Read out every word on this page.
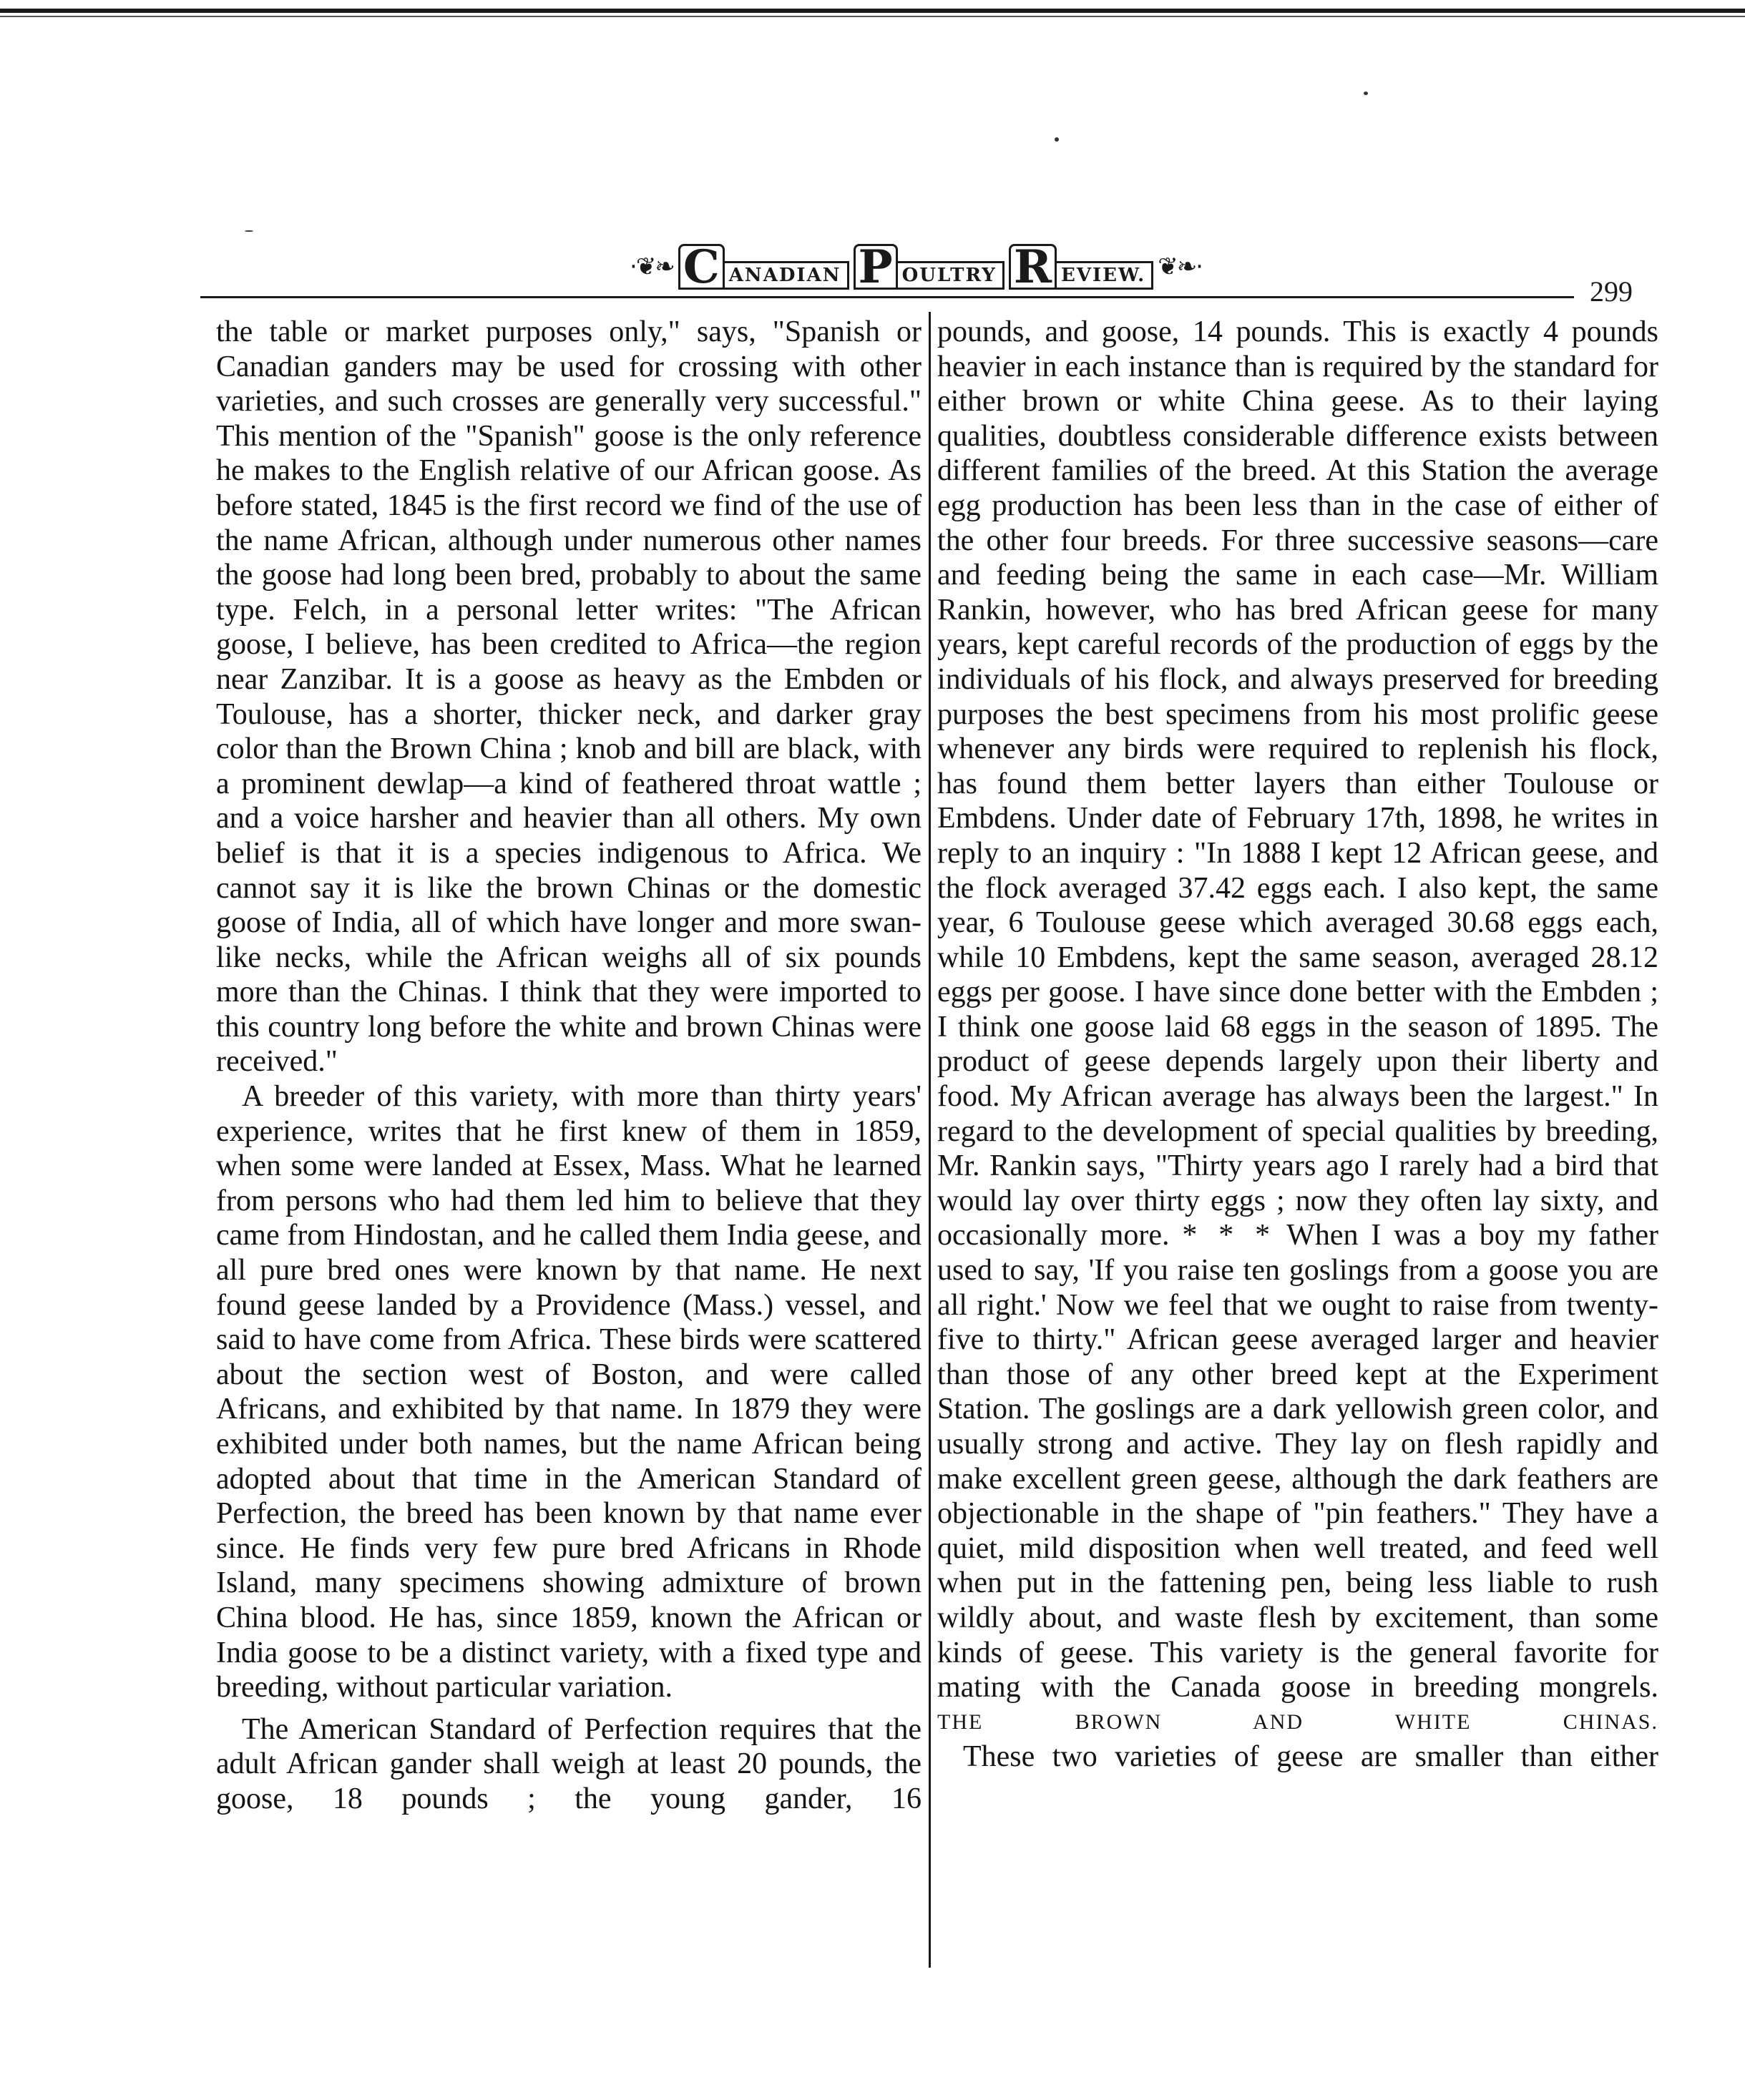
·❦❧ C ANADIAN P OULTRY R EVIEW. ❦❧·
299

the table or market purposes only," says, "Spanish or Canadian ganders may be used for crossing with other varieties, and such crosses are generally very successful." This mention of the "Spanish" goose is the only reference he makes to the English relative of our African goose. As before stated, 1845 is the first record we find of the use of the name African, although under numerous other names the goose had long been bred, probably to about the same type. Felch, in a personal letter writes: "The African goose, I believe, has been credited to Africa—the region near Zanzibar. It is a goose as heavy as the Embden or Toulouse, has a shorter, thicker neck, and darker gray color than the Brown China ; knob and bill are black, with a prominent dewlap—a kind of feathered throat wattle ; and a voice harsher and heavier than all others. My own belief is that it is a species indigenous to Africa. We cannot say it is like the brown Chinas or the domestic goose of India, all of which have longer and more swan-like necks, while the African weighs all of six pounds more than the Chinas. I think that they were imported to this country long before the white and brown Chinas were received."

A breeder of this variety, with more than thirty years' experience, writes that he first knew of them in 1859, when some were landed at Essex, Mass. What he learned from persons who had them led him to believe that they came from Hindostan, and he called them India geese, and all pure bred ones were known by that name. He next found geese landed by a Providence (Mass.) vessel, and said to have come from Africa. These birds were scattered about the section west of Boston, and were called Africans, and exhibited by that name. In 1879 they were exhibited under both names, but the name African being adopted about that time in the American Standard of Perfection, the breed has been known by that name ever since. He finds very few pure bred Africans in Rhode Island, many specimens showing admixture of brown China blood. He has, since 1859, known the African or India goose to be a distinct variety, with a fixed type and breeding, without particular variation.

The American Standard of Perfection requires that the adult African gander shall weigh at least 20 pounds, the goose, 18 pounds ; the young gander, 16

pounds, and goose, 14 pounds. This is exactly 4 pounds heavier in each instance than is required by the standard for either brown or white China geese. As to their laying qualities, doubtless considerable difference exists between different families of the breed. At this Station the average egg production has been less than in the case of either of the other four breeds. For three successive seasons—care and feeding being the same in each case—Mr. William Rankin, however, who has bred African geese for many years, kept careful records of the production of eggs by the individuals of his flock, and always preserved for breeding purposes the best specimens from his most prolific geese whenever any birds were required to replenish his flock, has found them better layers than either Toulouse or Embdens. Under date of February 17th, 1898, he writes in reply to an inquiry : "In 1888 I kept 12 African geese, and the flock averaged 37.42 eggs each. I also kept, the same year, 6 Toulouse geese which averaged 30.68 eggs each, while 10 Embdens, kept the same season, averaged 28.12 eggs per goose. I have since done better with the Embden ; I think one goose laid 68 eggs in the season of 1895. The product of geese depends largely upon their liberty and food. My African average has always been the largest." In regard to the development of special qualities by breeding, Mr. Rankin says, "Thirty years ago I rarely had a bird that would lay over thirty eggs ; now they often lay sixty, and occasionally more. * * * When I was a boy my father used to say, 'If you raise ten goslings from a goose you are all right.' Now we feel that we ought to raise from twenty-five to thirty." African geese averaged larger and heavier than those of any other breed kept at the Experiment Station. The goslings are a dark yellowish green color, and usually strong and active. They lay on flesh rapidly and make excellent green geese, although the dark feathers are objectionable in the shape of "pin feathers." They have a quiet, mild disposition when well treated, and feed well when put in the fattening pen, being less liable to rush wildly about, and waste flesh by excitement, than some kinds of geese. This variety is the general favorite for mating with the Canada goose in breeding mongrels.

THE BROWN AND WHITE CHINAS.

These two varieties of geese are smaller than either
